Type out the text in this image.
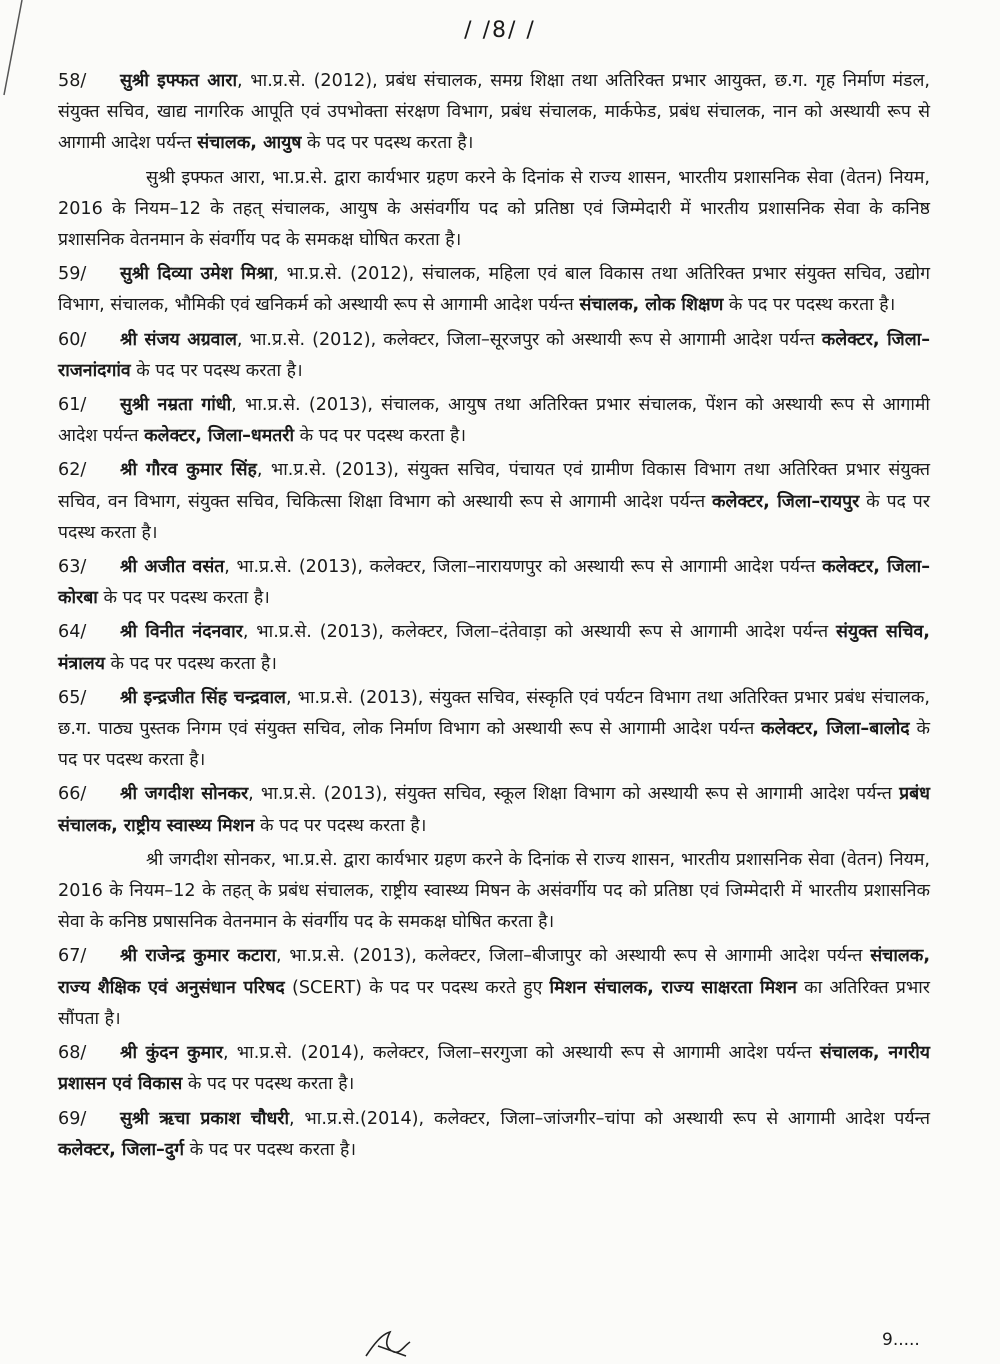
/ /8/ /

58/ सुश्री इफ्फत आरा, भा.प्र.से. (2012), प्रबंध संचालक, समग्र शिक्षा तथा अतिरिक्त प्रभार आयुक्त, छ.ग. गृह निर्माण मंडल, संयुक्त सचिव, खाद्य नागरिक आपूति एवं उपभोक्ता संरक्षण विभाग, प्रबंध संचालक, मार्कफेड, प्रबंध संचालक, नान को अस्थायी रूप से आगामी आदेश पर्यन्त संचालक, आयुष के पद पर पदस्थ करता है।

सुश्री इफ्फत आरा, भा.प्र.से. द्वारा कार्यभार ग्रहण करने के दिनांक से राज्य शासन, भारतीय प्रशासनिक सेवा (वेतन) नियम, 2016 के नियम–12 के तहत् संचालक, आयुष के असंवर्गीय पद को प्रतिष्ठा एवं जिम्मेदारी में भारतीय प्रशासनिक सेवा के कनिष्ठ प्रशासनिक वेतनमान के संवर्गीय पद के समकक्ष घोषित करता है।

59/ सुश्री दिव्या उमेश मिश्रा, भा.प्र.से. (2012), संचालक, महिला एवं बाल विकास तथा अतिरिक्त प्रभार संयुक्त सचिव, उद्योग विभाग, संचालक, भौमिकी एवं खनिकर्म को अस्थायी रूप से आगामी आदेश पर्यन्त संचालक, लोक शिक्षण के पद पर पदस्थ करता है।

60/ श्री संजय अग्रवाल, भा.प्र.से. (2012), कलेक्टर, जिला–सूरजपुर को अस्थायी रूप से आगामी आदेश पर्यन्त कलेक्टर, जिला–राजनांदगांव के पद पर पदस्थ करता है।

61/ सुश्री नम्रता गांधी, भा.प्र.से. (2013), संचालक, आयुष तथा अतिरिक्त प्रभार संचालक, पेंशन को अस्थायी रूप से आगामी आदेश पर्यन्त कलेक्टर, जिला–धमतरी के पद पर पदस्थ करता है।

62/ श्री गौरव कुमार सिंह, भा.प्र.से. (2013), संयुक्त सचिव, पंचायत एवं ग्रामीण विकास विभाग तथा अतिरिक्त प्रभार संयुक्त सचिव, वन विभाग, संयुक्त सचिव, चिकित्सा शिक्षा विभाग को अस्थायी रूप से आगामी आदेश पर्यन्त कलेक्टर, जिला–रायपुर के पद पर पदस्थ करता है।

63/ श्री अजीत वसंत, भा.प्र.से. (2013), कलेक्टर, जिला–नारायणपुर को अस्थायी रूप से आगामी आदेश पर्यन्त कलेक्टर, जिला–कोरबा के पद पर पदस्थ करता है।

64/ श्री विनीत नंदनवार, भा.प्र.से. (2013), कलेक्टर, जिला–दंतेवाड़ा को अस्थायी रूप से आगामी आदेश पर्यन्त संयुक्त सचिव, मंत्रालय के पद पर पदस्थ करता है।

65/ श्री इन्द्रजीत सिंह चन्द्रवाल, भा.प्र.से. (2013), संयुक्त सचिव, संस्कृति एवं पर्यटन विभाग तथा अतिरिक्त प्रभार प्रबंध संचालक, छ.ग. पाठ्य पुस्तक निगम एवं संयुक्त सचिव, लोक निर्माण विभाग को अस्थायी रूप से आगामी आदेश पर्यन्त कलेक्टर, जिला–बालोद के पद पर पदस्थ करता है।

66/ श्री जगदीश सोनकर, भा.प्र.से. (2013), संयुक्त सचिव, स्कूल शिक्षा विभाग को अस्थायी रूप से आगामी आदेश पर्यन्त प्रबंध संचालक, राष्ट्रीय स्वास्थ्य मिशन के पद पर पदस्थ करता है।

श्री जगदीश सोनकर, भा.प्र.से. द्वारा कार्यभार ग्रहण करने के दिनांक से राज्य शासन, भारतीय प्रशासनिक सेवा (वेतन) नियम, 2016 के नियम–12 के तहत् के प्रबंध संचालक, राष्ट्रीय स्वास्थ्य मिषन के असंवर्गीय पद को प्रतिष्ठा एवं जिम्मेदारी में भारतीय प्रशासनिक सेवा के कनिष्ठ प्रषासनिक वेतनमान के संवर्गीय पद के समकक्ष घोषित करता है।

67/ श्री राजेन्द्र कुमार कटारा, भा.प्र.से. (2013), कलेक्टर, जिला–बीजापुर को अस्थायी रूप से आगामी आदेश पर्यन्त संचालक, राज्य शैक्षिक एवं अनुसंधान परिषद (SCERT) के पद पर पदस्थ करते हुए मिशन संचालक, राज्य साक्षरता मिशन का अतिरिक्त प्रभार सौंपता है।

68/ श्री कुंदन कुमार, भा.प्र.से. (2014), कलेक्टर, जिला–सरगुजा को अस्थायी रूप से आगामी आदेश पर्यन्त संचालक, नगरीय प्रशासन एवं विकास के पद पर पदस्थ करता है।

69/ सुश्री ऋचा प्रकाश चौधरी, भा.प्र.से.(2014), कलेक्टर, जिला–जांजगीर–चांपा को अस्थायी रूप से आगामी आदेश पर्यन्त कलेक्टर, जिला–दुर्ग के पद पर पदस्थ करता है।

9.....
